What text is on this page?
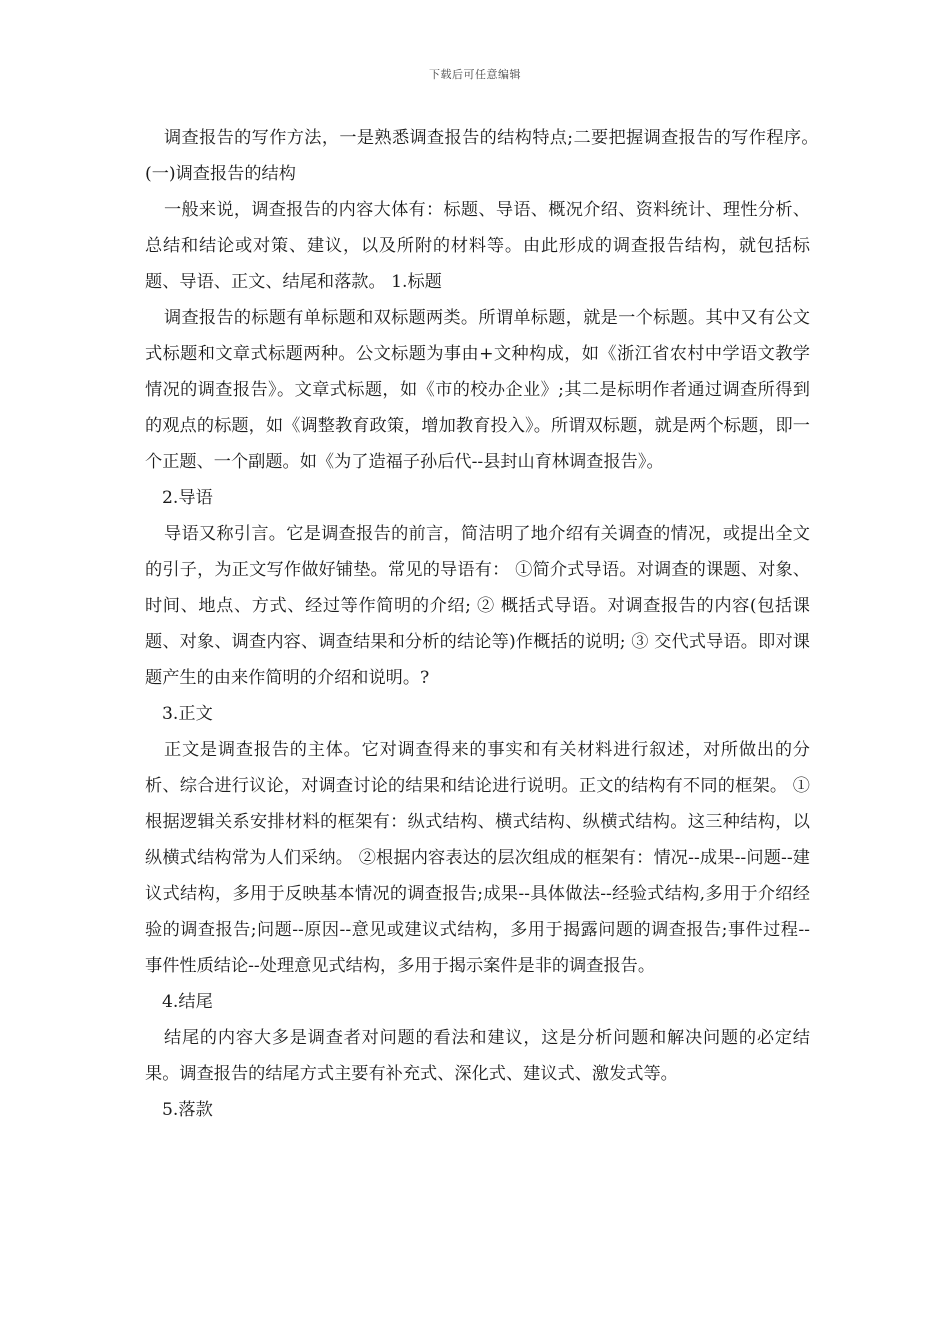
下载后可任意编辑

调查报告的写作方法，一是熟悉调查报告的结构特点;二要把握调查报告的写作程序。　(一)调查报告的结构

一般来说，调查报告的内容大体有：标题、导语、概况介绍、资料统计、理性分析、总结和结论或对策、建议，以及所附的材料等。由此形成的调查报告结构，就包括标题、导语、正文、结尾和落款。 1.标题

调查报告的标题有单标题和双标题两类。所谓单标题，就是一个标题。其中又有公文式标题和文章式标题两种。公文标题为事由+文种构成，如《浙江省农村中学语文教学情况的调查报告》。文章式标题，如《市的校办企业》;其二是标明作者通过调查所得到的观点的标题，如《调整教育政策，增加教育投入》。所谓双标题，就是两个标题，即一个正题、一个副题。如《为了造福子孙后代--县封山育林调查报告》。

2.导语

导语又称引言。它是调查报告的前言，简洁明了地介绍有关调查的情况，或提出全文的引子，为正文写作做好铺垫。常见的导语有： ①简介式导语。对调查的课题、对象、时间、地点、方式、经过等作简明的介绍; ② 概括式导语。对调查报告的内容(包括课题、对象、调查内容、调查结果和分析的结论等)作概括的说明; ③ 交代式导语。即对课题产生的由来作简明的介绍和说明。?

3.正文

正文是调查报告的主体。它对调查得来的事实和有关材料进行叙述，对所做出的分析、综合进行议论，对调查讨论的结果和结论进行说明。正文的结构有不同的框架。 ①根据逻辑关系安排材料的框架有：纵式结构、横式结构、纵横式结构。这三种结构，以纵横式结构常为人们采纳。 ②根据内容表达的层次组成的框架有：情况--成果--问题--建议式结构，多用于反映基本情况的调查报告;成果--具体做法--经验式结构,多用于介绍经验的调查报告;问题--原因--意见或建议式结构，多用于揭露问题的调查报告;事件过程--事件性质结论--处理意见式结构，多用于揭示案件是非的调查报告。

4.结尾

结尾的内容大多是调查者对问题的看法和建议，这是分析问题和解决问题的必定结果。调查报告的结尾方式主要有补充式、深化式、建议式、激发式等。

5.落款
